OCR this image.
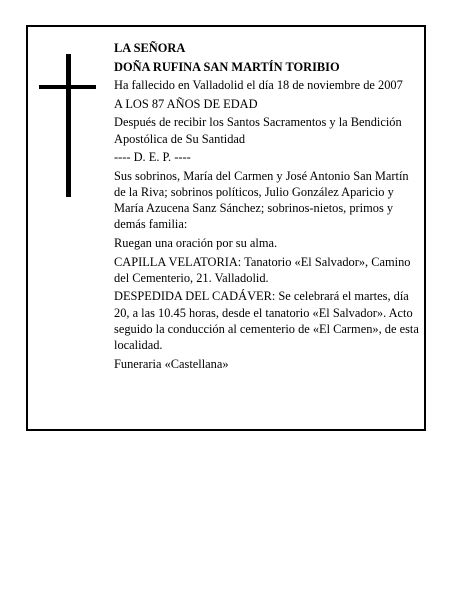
LA SEÑORA

DOÑA RUFINA SAN MARTÍN TORIBIO

Ha fallecido en Valladolid el día 18 de noviembre de 2007

A LOS 87 AÑOS DE EDAD

Después de recibir los Santos Sacramentos y la Bendición Apostólica de Su Santidad

---- D. E. P. ----

Sus sobrinos, María del Carmen y José Antonio San Martín de la Riva; sobrinos políticos, Julio González Aparicio y María Azucena Sanz Sánchez; sobrinos-nietos, primos y demás familia:

Ruegan una oración por su alma.

CAPILLA VELATORIA: Tanatorio «El Salvador», Camino del Cementerio, 21. Valladolid.

DESPEDIDA DEL CADÁVER: Se celebrará el martes, día 20, a las 10.45 horas, desde el tanatorio «El Salvador». Acto seguido la conducción al cementerio de «El Carmen», de esta localidad.

Funeraria «Castellana»
